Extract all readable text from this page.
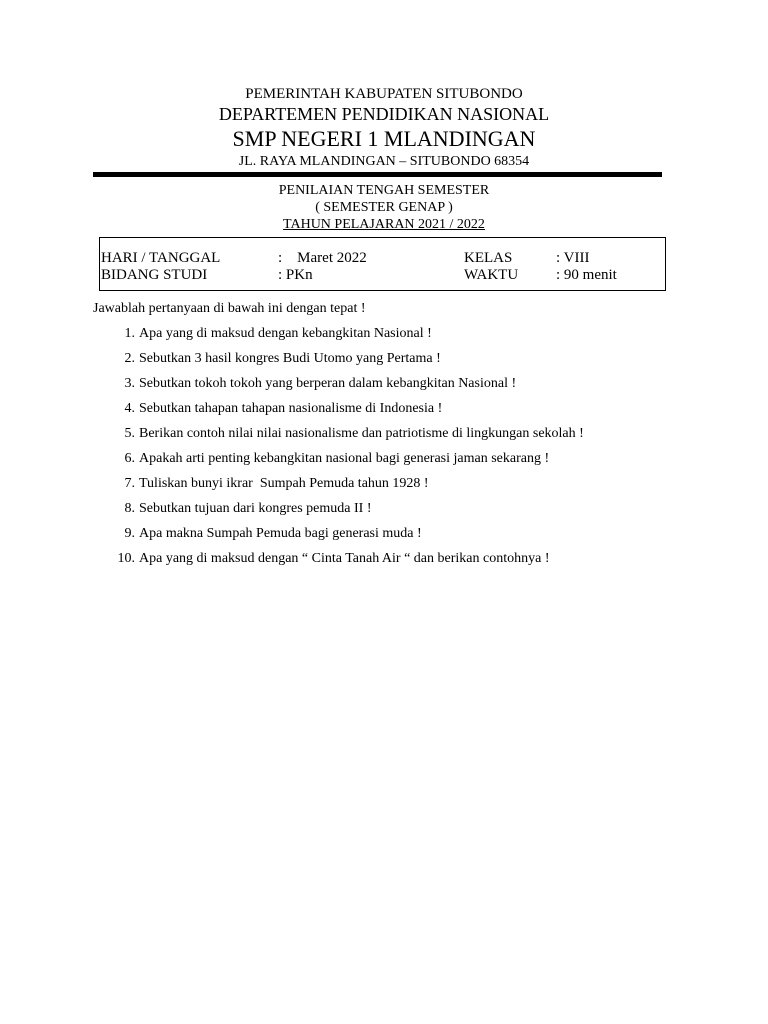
PEMERINTAH KABUPATEN SITUBONDO
DEPARTEMEN PENDIDIKAN NASIONAL
SMP NEGERI 1 MLANDINGAN
JL. RAYA MLANDINGAN – SITUBONDO 68354
PENILAIAN TENGAH SEMESTER
( SEMESTER GENAP )
TAHUN PELAJARAN 2021 / 2022
HARI / TANGGAL	:    Maret 2022	KELAS	: VIII
BIDANG STUDI	: PKn	WAKTU	: 90 menit
Jawablah pertanyaan di bawah ini dengan tepat !
1. Apa yang di maksud dengan kebangkitan Nasional !
2. Sebutkan 3 hasil kongres Budi Utomo yang Pertama !
3. Sebutkan tokoh tokoh yang berperan dalam kebangkitan Nasional !
4. Sebutkan tahapan tahapan nasionalisme di Indonesia !
5. Berikan contoh nilai nilai nasionalisme dan patriotisme di lingkungan sekolah !
6. Apakah arti penting kebangkitan nasional bagi generasi jaman sekarang !
7. Tuliskan bunyi ikrar  Sumpah Pemuda tahun 1928 !
8. Sebutkan tujuan dari kongres pemuda II !
9. Apa makna Sumpah Pemuda bagi generasi muda !
10. Apa yang di maksud dengan “ Cinta Tanah Air “ dan berikan contohnya !
